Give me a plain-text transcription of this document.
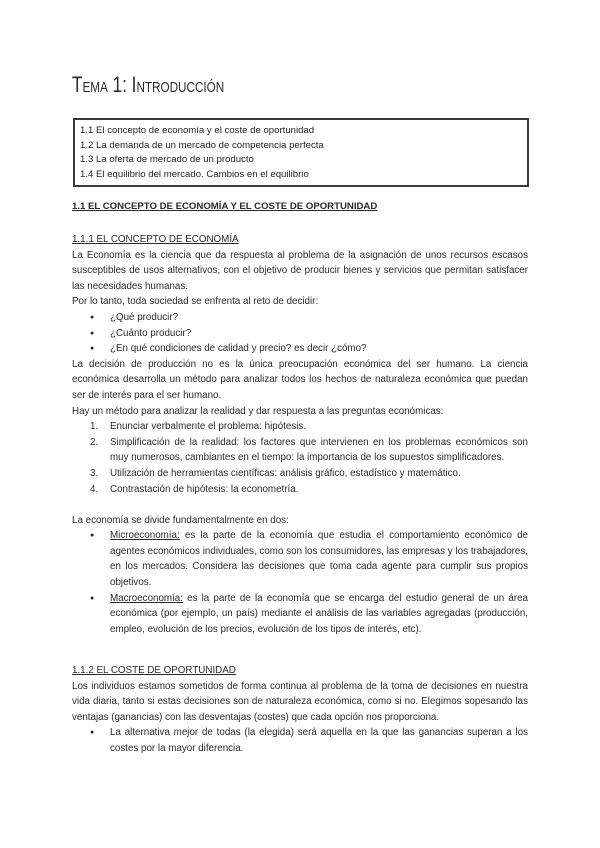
Tema 1: Introducción
1.1 El concepto de economía y el coste de oportunidad
1.2 La demanda de un mercado de competencia perfecta
1.3 La oferta de mercado de un producto
1.4 El equilibrio del mercado. Cambios en el equilibrio

1.1 EL CONCEPTO DE ECONOMÍA Y EL COSTE DE OPORTUNIDAD

1.1.1 EL CONCEPTO DE ECONOMÍA

La Economía es la ciencia que da respuesta al problema de la asignación de unos recursos escasos susceptibles de usos alternativos, con el objetivo de producir bienes y servicios que permitan satisfacer las necesidades humanas.

Por lo tanto, toda sociedad se enfrenta al reto de decidir:

● ¿Qué producir?
● ¿Cuánto producir?
● ¿En qué condiciones de calidad y precio? es decir ¿cómo?

La decisión de producción no es la única preocupación económica del ser humano. La ciencia económica desarrolla un método para analizar todos los hechos de naturaleza económica que puedan ser de interés para el ser humano.

Hay un método para analizar la realidad y dar respuesta a las preguntas económicas:

1. Enunciar verbalmente el problema: hipótesis.
2. Simplificación de la realidad: los factores que intervienen en los problemas económicos son muy numerosos, cambiantes en el tiempo: la importancia de los supuestos simplificadores.
3. Utilización de herramientas científicas: análisis gráfico, estadístico y matemático.
4. Contrastación de hipótesis: la econometría.

La economía se divide fundamentalmente en dos:

● Microeconomía: es la parte de la economía que estudia el comportamiento económico de agentes económicos individuales, como son los consumidores, las empresas y los trabajadores, en los mercados. Considera las decisiones que toma cada agente para cumplir sus propios objetivos.
● Macroeconomía: es la parte de la economía que se encarga del estudio general de un área económica (por ejemplo, un país) mediante el análisis de las variables agregadas (producción, empleo, evolución de los precios, evolución de los tipos de interés, etc).

1.1.2 EL COSTE DE OPORTUNIDAD

Los individuos estamos sometidos de forma continua al problema de la toma de decisiones en nuestra vida diaria, tanto si estas decisiones son de naturaleza económica, como si no. Elegimos sopesando las ventajas (ganancias) con las desventajas (costes) que cada opción nos proporciona.

● La alternativa mejor de todas (la elegida) será aquella en la que las ganancias superan a los costes por la mayor diferencia.
